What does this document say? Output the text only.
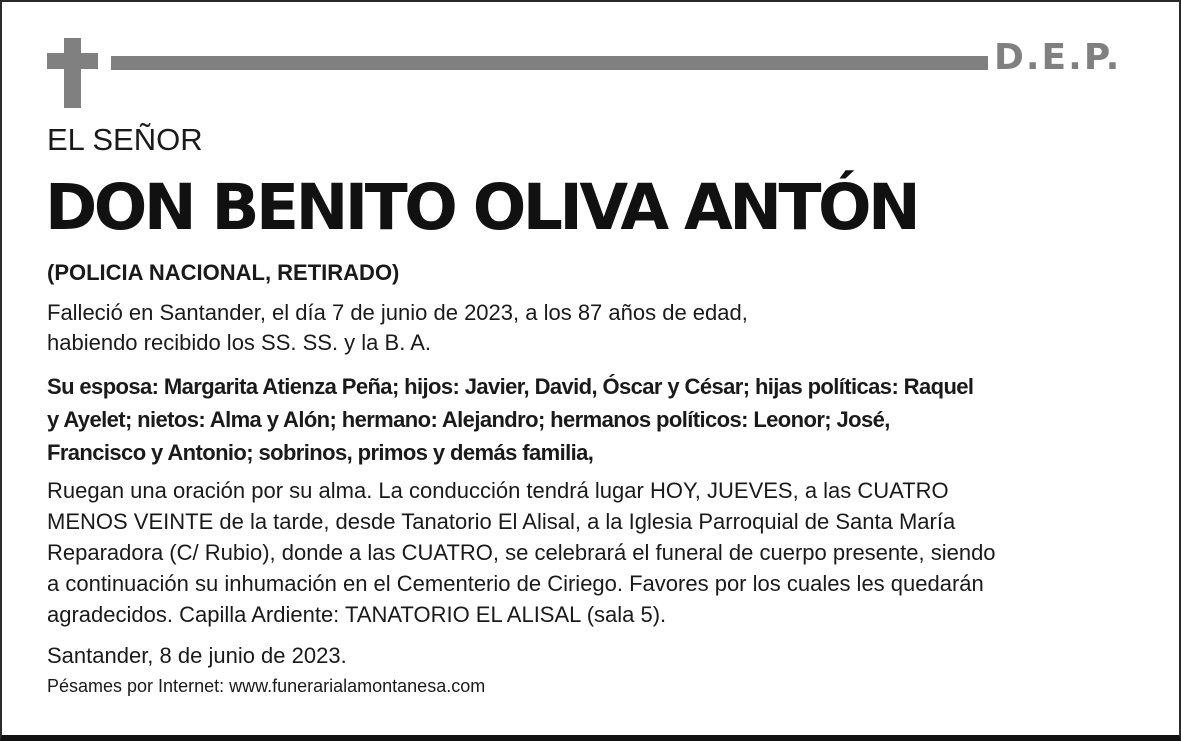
D.E.P.
EL SEÑOR
DON BENITO OLIVA ANTÓN
(POLICIA NACIONAL, RETIRADO)
Falleció en Santander, el día 7 de junio de 2023, a los 87 años de edad,
habiendo recibido los SS. SS. y la B. A.
Su esposa: Margarita Atienza Peña; hijos: Javier, David, Óscar y César; hijas políticas: Raquel
y Ayelet; nietos: Alma y Alón; hermano: Alejandro; hermanos políticos: Leonor; José,
Francisco y Antonio; sobrinos, primos y demás familia,
Ruegan una oración por su alma. La conducción tendrá lugar HOY, JUEVES, a las CUATRO
MENOS VEINTE de la tarde, desde Tanatorio El Alisal, a la Iglesia Parroquial de Santa María
Reparadora (C/ Rubio), donde a las CUATRO, se celebrará el funeral de cuerpo presente, siendo
a continuación su inhumación en el Cementerio de Ciriego. Favores por los cuales les quedarán
agradecidos. Capilla Ardiente: TANATORIO EL ALISAL (sala 5).
Santander, 8 de junio de 2023.
Pésames por Internet: www.funerarialamontanesa.com
